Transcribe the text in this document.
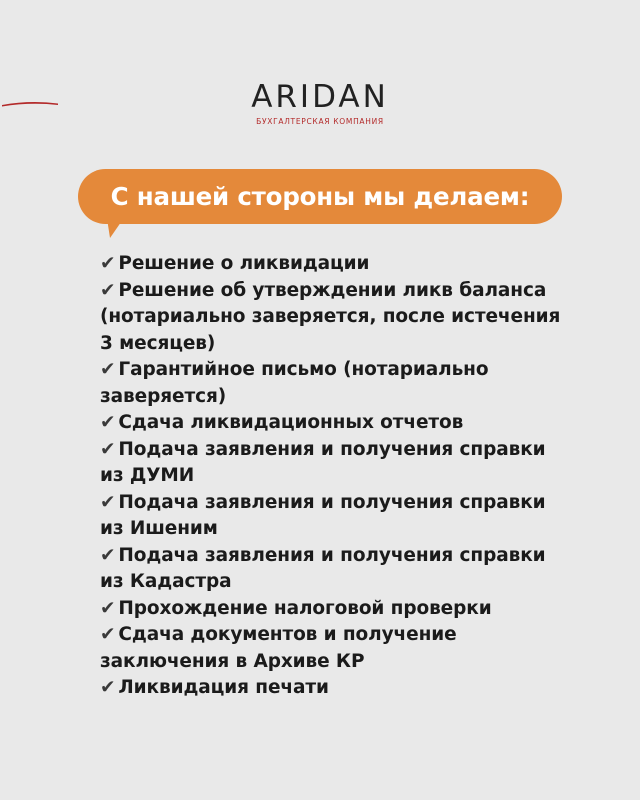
ARIDAN
БУХГАЛТЕРСКАЯ КОМПАНИЯ
С нашей стороны мы делаем:
✔ Решение о ликвидации
✔ Решение об утверждении ликв баланса (нотариально заверяется, после истечения 3 месяцев)
✔ Гарантийное письмо (нотариально заверяется)
✔ Сдача ликвидационных отчетов
✔ Подача заявления и получения справки из ДУМИ
✔ Подача заявления и получения справки из Ишеним
✔ Подача заявления и получения справки из Кадастра
✔ Прохождение налоговой проверки
✔ Сдача документов и получение заключения в Архиве КР
✔ Ликвидация печати
